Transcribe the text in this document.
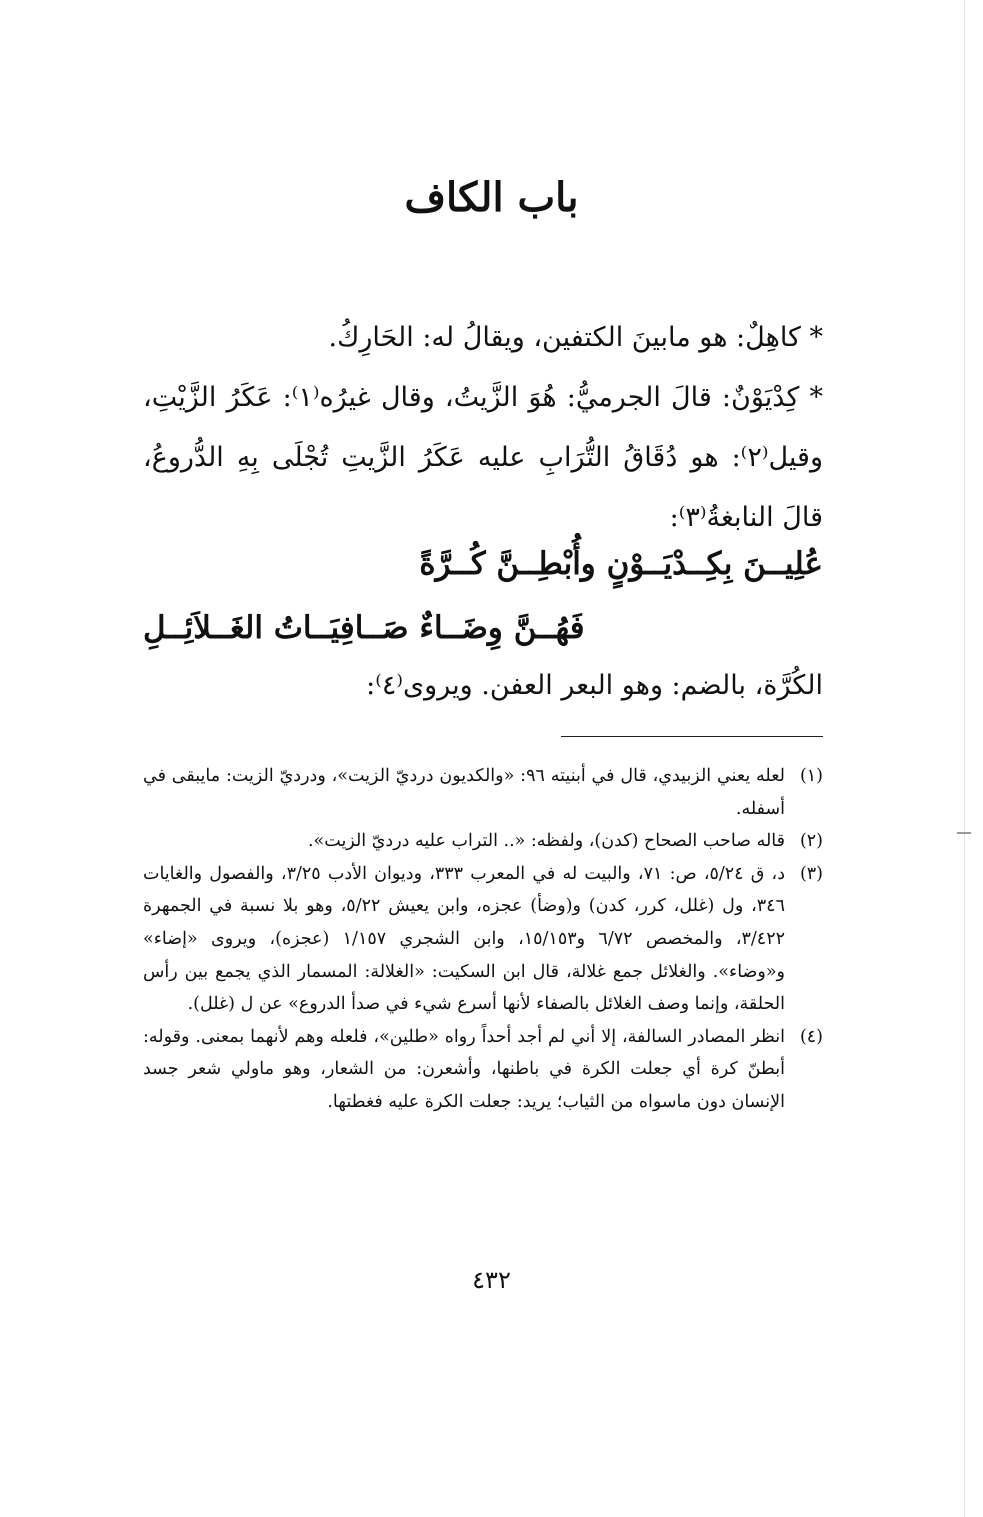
باب الكاف

* كاهِلٌ: هو مابينَ الكتفين، ويقالُ له: الحَارِكُ.

* كِدْيَوْنٌ: قالَ الجرميُّ: هُوَ الزَّيتُ، وقال غيرُه⁽١⁾: عَكَرُ الزَّيْتِ، وقيل⁽٢⁾: هو دُقَاقُ التُّرَابِ عليه عَكَرُ الزَّيتِ تُجْلَى بِهِ الدُّروعُ، قالَ النابغةُ⁽٣⁾:

عُلِيــنَ بِكِــدْيَــوْنٍ وأُبْطِــنَّ كُــرَّةً

فَهُــنَّ وِضَــاءٌ صَــافِيَــاتُ الغَــلاَئِــلِ

الكُرَّة، بالضم: وهو البعر العفن. ويروى⁽٤⁾:

(١)
لعله يعني الزبيدي، قال في أبنيته ٩٦: «والكديون درديّ الزيت»، ودرديّ الزيت: مايبقى في أسفله.
(٢)
قاله صاحب الصحاح (كدن)، ولفظه: «.. التراب عليه درديّ الزيت».
(٣)
د، ق ٥/٢٤، ص: ٧١، والبيت له في المعرب ٣٣٣، وديوان الأدب ٣/٢٥، والفصول والغايات ٣٤٦، ول (غلل، كرر، كدن) و(وضأ) عجزه، وابن يعيش ٥/٢٢، وهو بلا نسبة في الجمهرة ٣/٤٢٢، والمخصص ٦/٧٢ و١٥/١٥٣، وابن الشجري ١/١٥٧ (عجزه)، ويروى «إضاء» و«وضاء». والغلائل جمع غلالة، قال ابن السكيت: «الغلالة: المسمار الذي يجمع بين رأس الحلقة، وإنما وصف الغلائل بالصفاء لأنها أسرع شيء في صدأ الدروع» عن ل (غلل).
(٤)
انظر المصادر السالفة، إلا أني لم أجد أحداً رواه «طلين»، فلعله وهم لأنهما بمعنى. وقوله: أبطنّ كرة أي جعلت الكرة في باطنها، وأشعرن: من الشعار، وهو ماولي شعر جسد الإنسان دون ماسواه من الثياب؛ يريد: جعلت الكرة عليه فغطتها.

٤٣٢
